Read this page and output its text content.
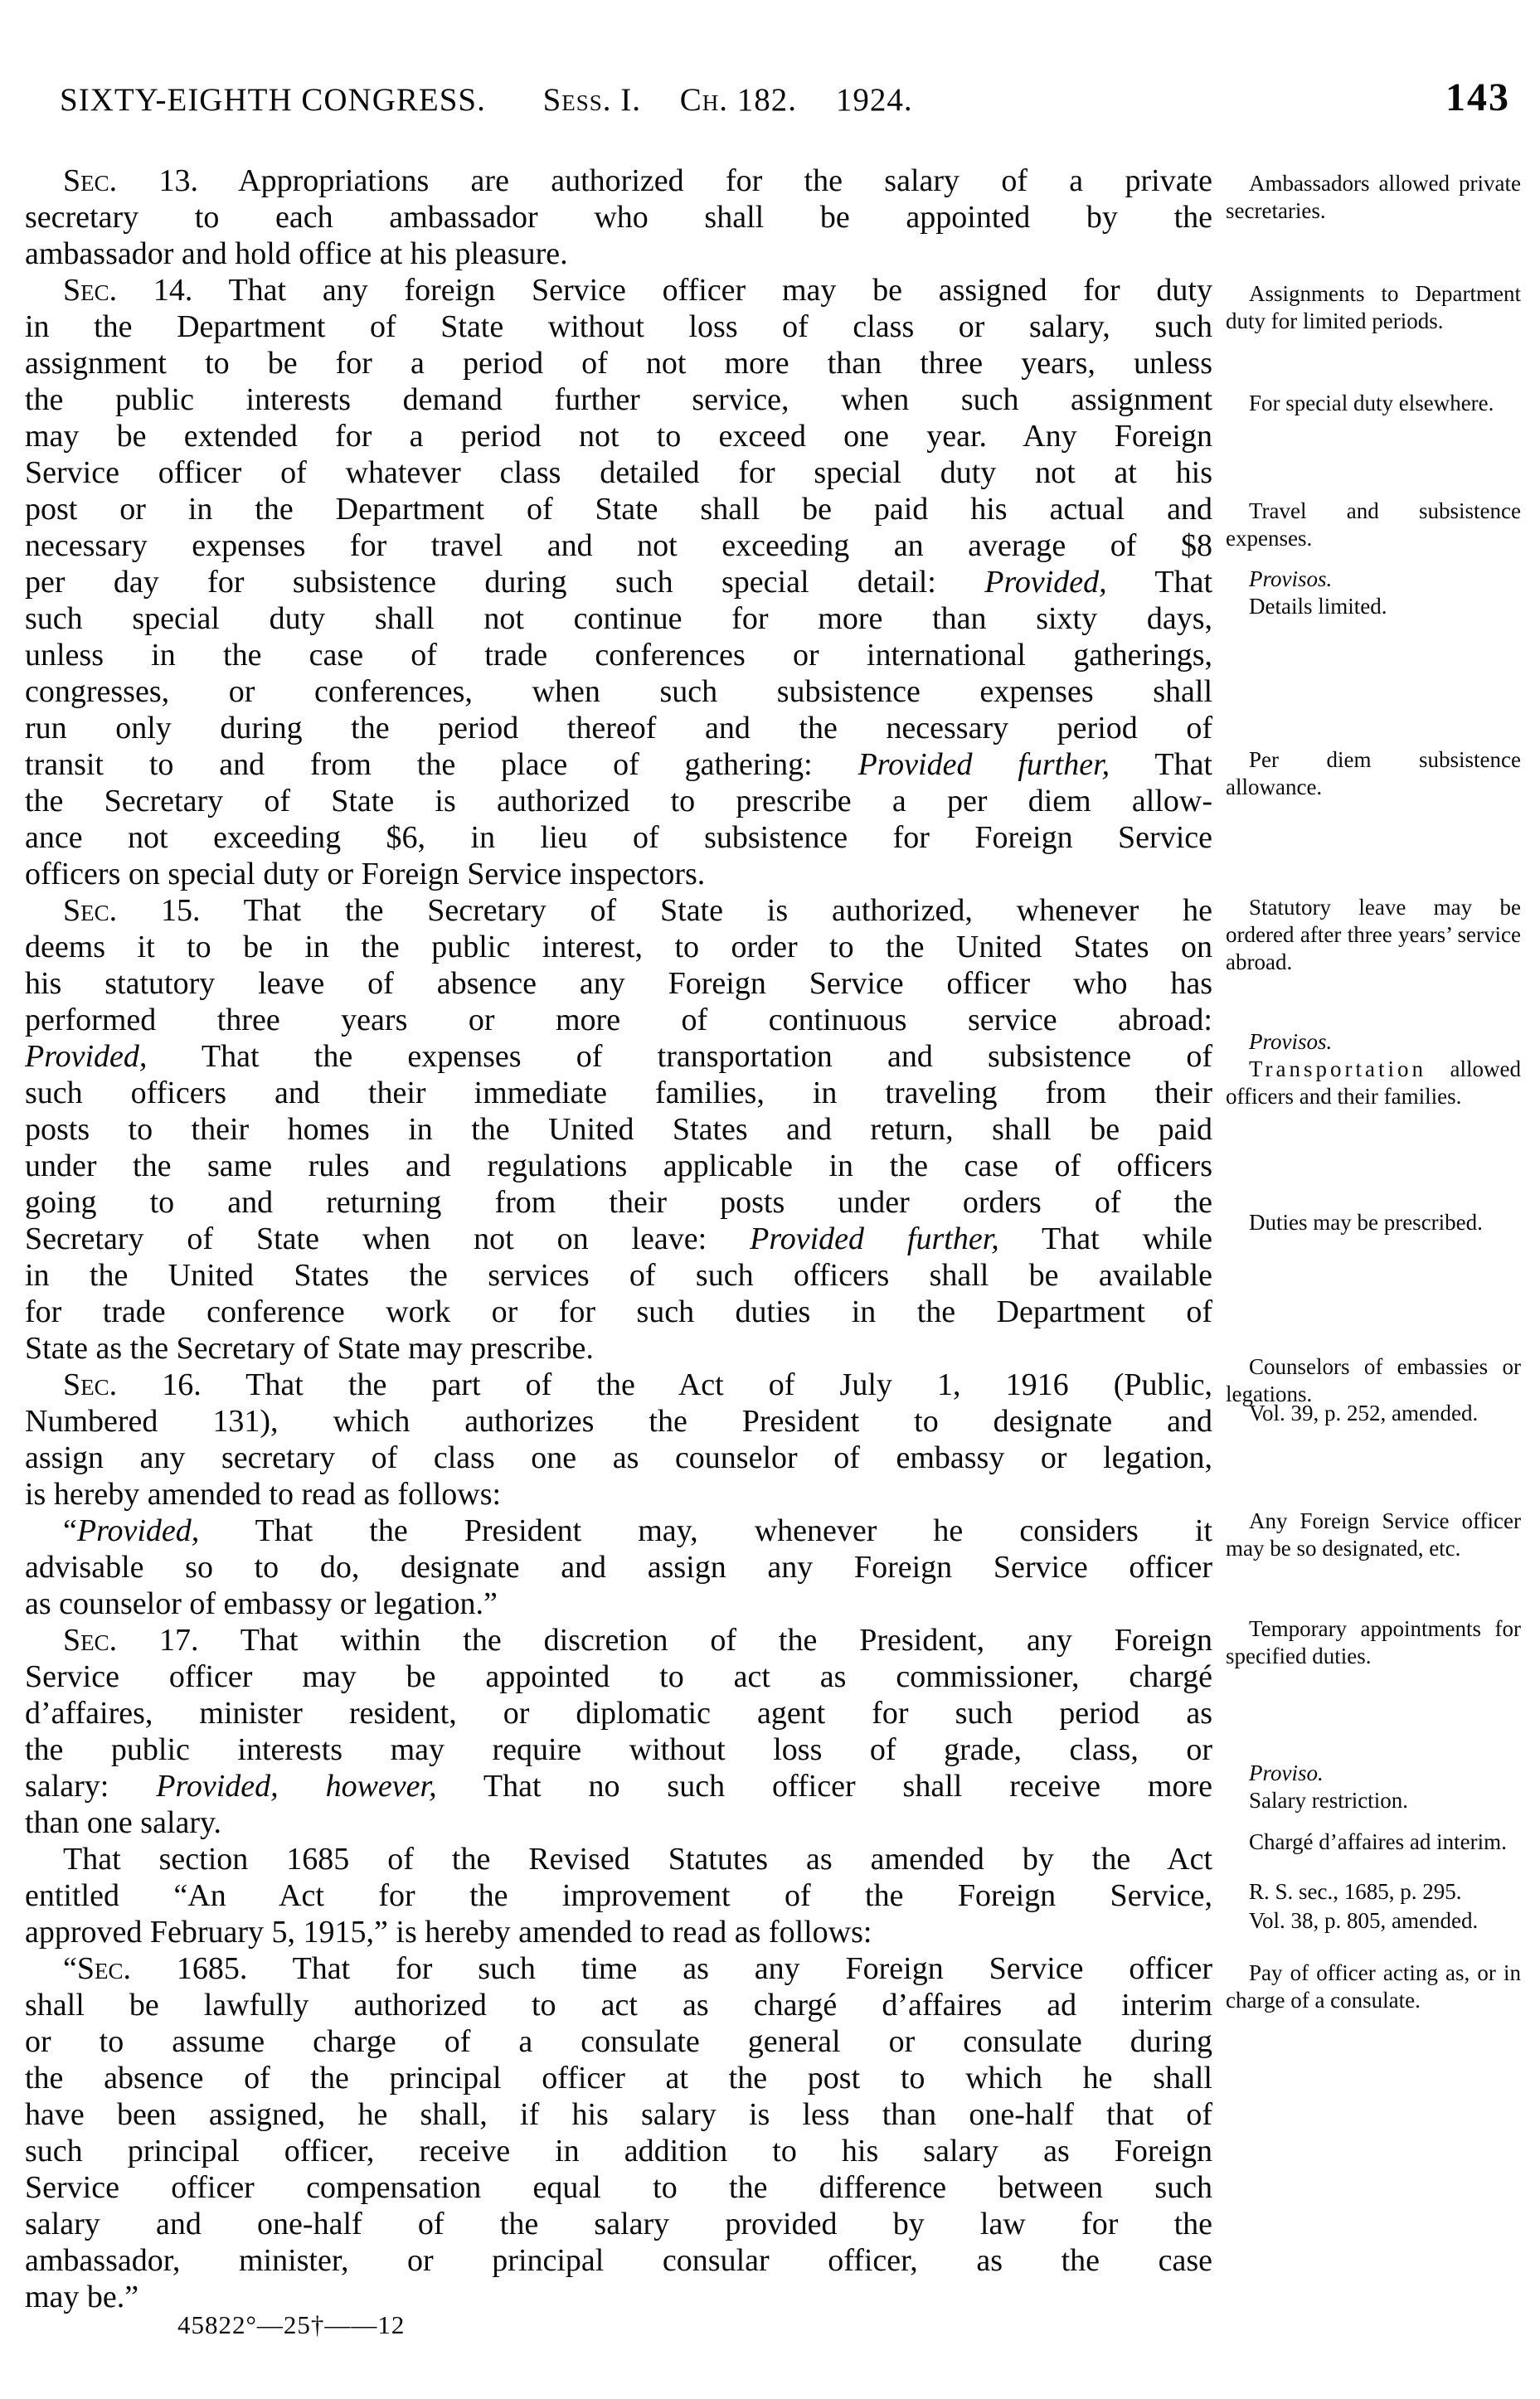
SIXTY-EIGHTH CONGRESS. Sess. I. Ch. 182. 1924.	143
Sec. 13. Appropriations are authorized for the salary of a private
secretary to each ambassador who shall be appointed by the
ambassador and hold office at his pleasure.
Sec. 14. That any foreign Service officer may be assigned for duty
in the Department of State without loss of class or salary, such
assignment to be for a period of not more than three years, unless
the public interests demand further service, when such assignment
may be extended for a period not to exceed one year. Any Foreign
Service officer of whatever class detailed for special duty not at his
post or in the Department of State shall be paid his actual and
necessary expenses for travel and not exceeding an average of $8
per day for subsistence during such special detail: Provided, That
such special duty shall not continue for more than sixty days,
unless in the case of trade conferences or international gatherings,
congresses, or conferences, when such subsistence expenses shall
run only during the period thereof and the necessary period of
transit to and from the place of gathering: Provided further, That
the Secretary of State is authorized to prescribe a per diem allow-
ance not exceeding $6, in lieu of subsistence for Foreign Service
officers on special duty or Foreign Service inspectors.
Sec. 15. That the Secretary of State is authorized, whenever he
deems it to be in the public interest, to order to the United States on
his statutory leave of absence any Foreign Service officer who has
performed three years or more of continuous service abroad:
Provided, That the expenses of transportation and subsistence of
such officers and their immediate families, in traveling from their
posts to their homes in the United States and return, shall be paid
under the same rules and regulations applicable in the case of officers
going to and returning from their posts under orders of the
Secretary of State when not on leave: Provided further, That while
in the United States the services of such officers shall be available
for trade conference work or for such duties in the Department of
State as the Secretary of State may prescribe.
Sec. 16. That the part of the Act of July 1, 1916 (Public,
Numbered 131), which authorizes the President to designate and
assign any secretary of class one as counselor of embassy or legation,
is hereby amended to read as follows:
“Provided, That the President may, whenever he considers it
advisable so to do, designate and assign any Foreign Service officer
as counselor of embassy or legation.”
Sec. 17. That within the discretion of the President, any Foreign
Service officer may be appointed to act as commissioner, chargé
d’affaires, minister resident, or diplomatic agent for such period as
the public interests may require without loss of grade, class, or
salary: Provided, however, That no such officer shall receive more
than one salary.
That section 1685 of the Revised Statutes as amended by the Act
entitled “An Act for the improvement of the Foreign Service,
approved February 5, 1915,” is hereby amended to read as follows:
“Sec. 1685. That for such time as any Foreign Service officer
shall be lawfully authorized to act as chargé d’affaires ad interim
or to assume charge of a consulate general or consulate during
the absence of the principal officer at the post to which he shall
have been assigned, he shall, if his salary is less than one-half that of
such principal officer, receive in addition to his salary as Foreign
Service officer compensation equal to the difference between such
salary and one-half of the salary provided by law for the
ambassador, minister, or principal consular officer, as the case
may be.”
Ambassadors allowed private secretaries.
Assignments to Department duty for limited periods.
For special duty elsewhere.
Travel and subsistence expenses.
Provisos.
Details limited.
Per diem subsistence allowance.
Statutory leave may be ordered after three years’ service abroad.
Provisos.
Transportation allowed officers and their families.
Duties may be prescribed.
Counselors of embassies or legations.
Vol. 39, p. 252, amended.
Any Foreign Service officer may be so designated, etc.
Temporary appointments for specified duties.
Proviso.
Salary restriction.
Chargé d’affaires ad interim.
R. S. sec., 1685, p. 295.
Vol. 38, p. 805, amended.
Pay of officer acting as, or in charge of a consulate.
45822°—25†——12
